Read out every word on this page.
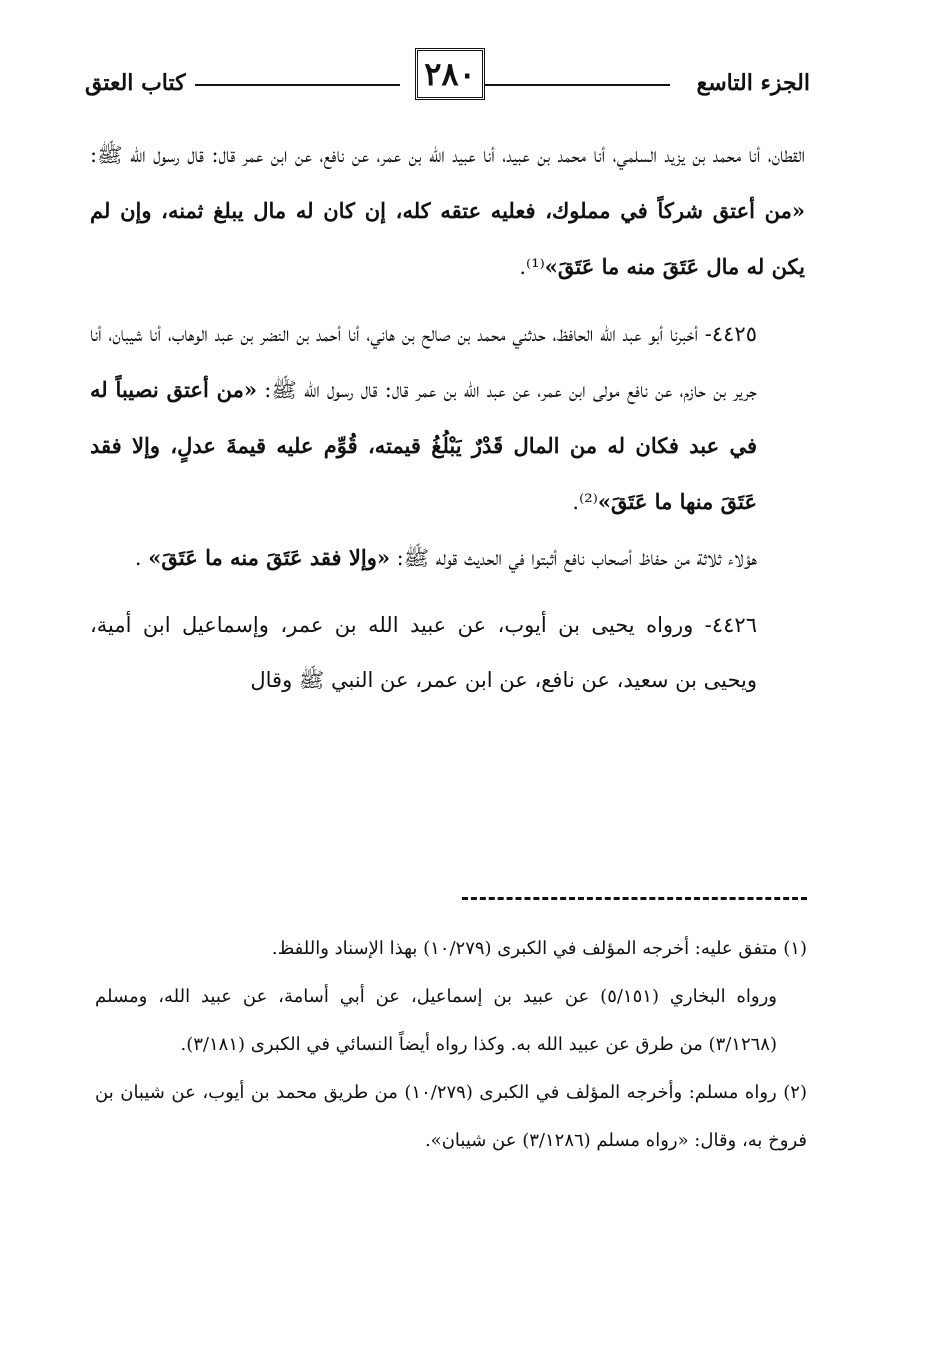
الجزء التاسع
٢٨٠
كتاب العتق

القطان، أنا محمد بن يزيد السلمي، أنا محمد بن عبيد، أنا عبيد الله بن عمر، عن نافع، عن ابن عمر قال: قال رسول الله ﷺ: «من أعتق شركاً في مملوك، فعليه عتقه كله، إن كان له مال يبلغ ثمنه، وإن لم يكن له مال عَتَقَ منه ما عَتَقَ»⁽¹⁾.

٤٤٢٥- أخبرنا أبو عبد الله الحافظ، حدثني محمد بن صالح بن هاني، أنا أحمد بن النضر بن عبد الوهاب، أنا شيبان، أنا جرير بن حازم، عن نافع مولى ابن عمر، عن عبد الله بن عمر قال: قال رسول الله ﷺ: «من أعتق نصيباً له في عبد فكان له من المال قَدْرٌ يَبْلُغُ قيمته، قُوِّم عليه قيمةَ عدلٍ، وإلا فقد عَتَقَ منها ما عَتَقَ»⁽²⁾.

هؤلاء ثلاثة من حفاظ أصحاب نافع أثبتوا في الحديث قوله ﷺ: «وإلا فقد عَتَقَ منه ما عَتَقَ» .

٤٤٢٦- ورواه يحيى بن أيوب، عن عبيد الله بن عمر، وإسماعيل ابن أمية، ويحيى بن سعيد، عن نافع، عن ابن عمر، عن النبي ﷺ وقال

(١) متفق عليه: أخرجه المؤلف في الكبرى (١٠/٢٧٩) بهذا الإسناد واللفظ.

ورواه البخاري (٥/١٥١) عن عبيد بن إسماعيل، عن أبي أسامة، عن عبيد الله، ومسلم (٣/١٢٦٨) من طرق عن عبيد الله به. وكذا رواه أيضاً النسائي في الكبرى (٣/١٨١).

(٢) رواه مسلم: وأخرجه المؤلف في الكبرى (١٠/٢٧٩) من طريق محمد بن أيوب، عن شيبان بن فروخ به، وقال: «رواه مسلم (٣/١٢٨٦) عن شيبان».
